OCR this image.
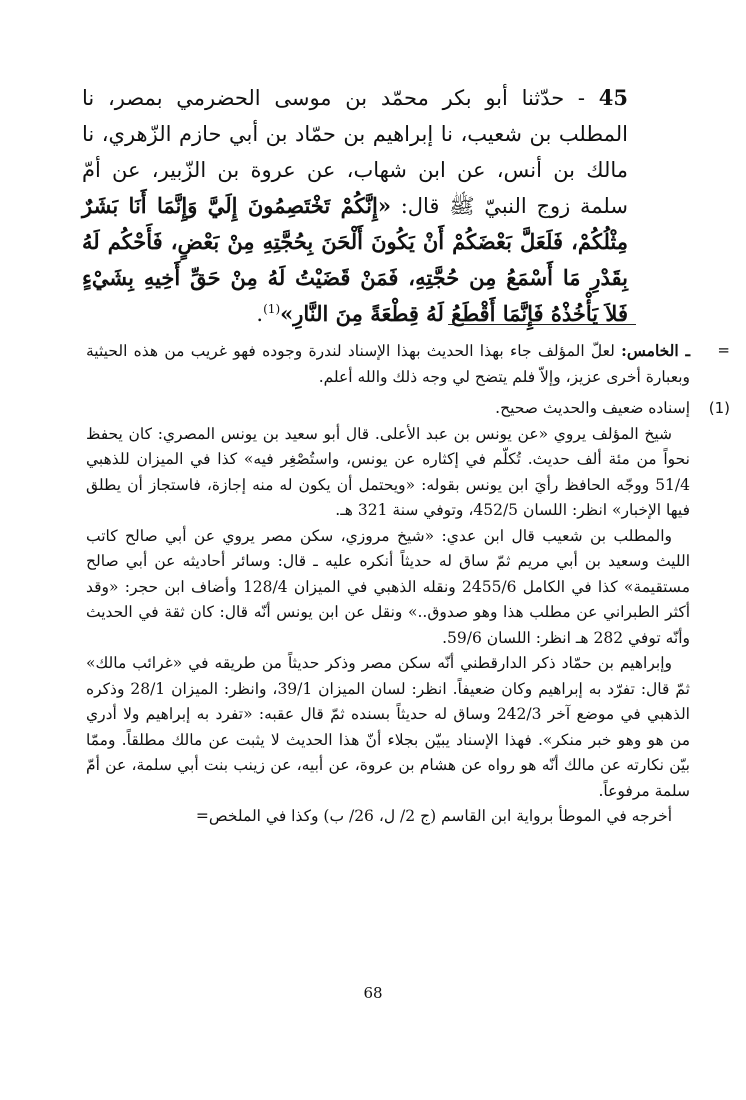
45 - حدّثنا أبو بكر محمّد بن موسى الحضرمي بمصر، نا المطلب بن شعيب، نا إبراهيم بن حمّاد بن أبي حازم الزّهري، نا مالك بن أنس، عن ابن شهاب، عن عروة بن الزّبير، عن أمّ سلمة زوج النبيّ ﷺ قال: «إِنَّكُمْ تَخْتَصِمُونَ إِلَيَّ وَإِنَّمَا أَنَا بَشَرٌ مِثْلُكُمْ، فَلَعَلَّ بَعْضَكُمْ أَنْ يَكُونَ أَلْحَنَ بِحُجَّتِهِ مِنْ بَعْضٍ، فَأَحْكُم لَهُ بِقَدْرِ مَا أَسْمَعُ مِن حُجَّتِهِ، فَمَنْ قَضَيْتُ لَهُ مِنْ حَقِّ أَخِيهِ بِشَيْءٍ فَلاَ يَأْخُذْهُ فَإِنَّمَا أَقْطَعُ لَهُ قِطْعَةً مِنَ النَّارِ»$^{(1)}$.
=

ـ الخامس: لعلّ المؤلف جاء بهذا الحديث بهذا الإسناد لندرة وجوده فهو غريب من هذه الحيثية وبعبارة أخرى عزيز، وإلاّ فلم يتضح لي وجه ذلك والله أعلم.

(1)

إسناده ضعيف والحديث صحيح.

شيخ المؤلف يروي «عن يونس بن عبد الأعلى. قال أبو سعيد بن يونس المصري: كان يحفظ نحواً من مئة ألف حديث. تُكلّم في إكثاره عن يونس، واستُصْغِر فيه» كذا في الميزان للذهبي 51/4 ووجّه الحافظ رأيَ ابن يونس بقوله: «ويحتمل أن يكون له منه إجازة، فاستجاز أن يطلق فيها الإخبار» انظر: اللسان 452/5، وتوفي سنة 321 هـ.

والمطلب بن شعيب قال ابن عدي: «شيخ مروزي، سكن مصر يروي عن أبي صالح كاتب الليث وسعيد بن أبي مريم ثمّ ساق له حديثاً أنكره عليه ـ قال: وسائر أحاديثه عن أبي صالح مستقيمة» كذا في الكامل 2455/6 ونقله الذهبي في الميزان 128/4 وأضاف ابن حجر: «وقد أكثر الطبراني عن مطلب هذا وهو صدوق..» ونقل عن ابن يونس أنّه قال: كان ثقة في الحديث وأنّه توفي 282 هـ انظر: اللسان 59/6.

وإبراهيم بن حمّاد ذكر الدارقطني أنّه سكن مصر وذكر حديثاً من طريقه في «غرائب مالك» ثمّ قال: تفرّد به إبراهيم وكان ضعيفاً. انظر: لسان الميزان 39/1، وانظر: الميزان 28/1 وذكره الذهبي في موضع آخر 242/3 وساق له حديثاً بسنده ثمّ قال عقبه: «تفرد به إبراهيم ولا أدري من هو وهو خبر منكر». فهذا الإسناد يبيّن بجلاء أنّ هذا الحديث لا يثبت عن مالك مطلقاً. وممّا بيّن نكارته عن مالك أنّه هو رواه عن هشام بن عروة، عن أبيه، عن زينب بنت أبي سلمة، عن أمّ سلمة مرفوعاً.

أخرجه في الموطأ برواية ابن القاسم (ج 2/ ل، 26/ ب) وكذا في الملخص=

68
